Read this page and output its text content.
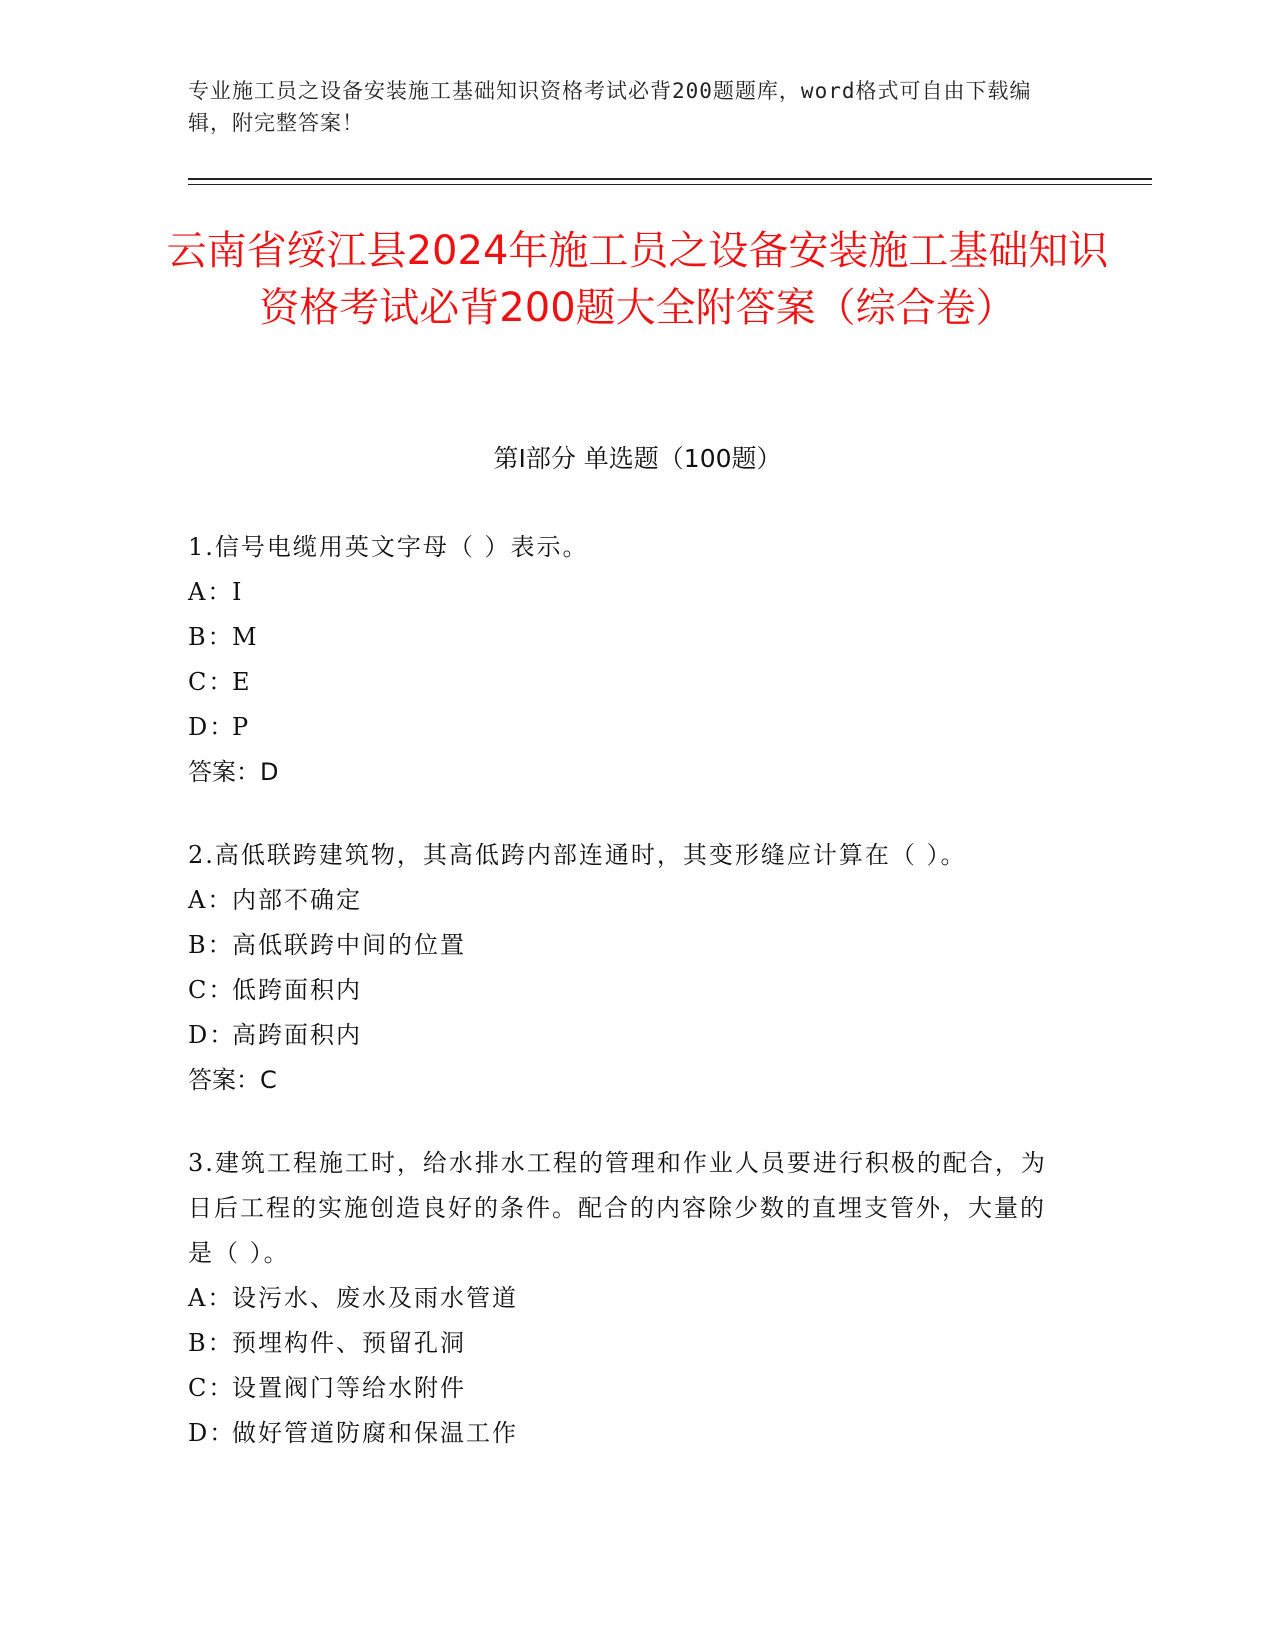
专业施工员之设备安装施工基础知识资格考试必背200题题库，word格式可自由下载编辑，附完整答案！
云南省绥江县2024年施工员之设备安装施工基础知识资格考试必背200题大全附答案（综合卷）
第Ⅰ部分 单选题（100题）
1.信号电缆用英文字母（ ）表示。
A：I
B：M
C：E
D：P
答案：D
2.高低联跨建筑物，其高低跨内部连通时，其变形缝应计算在（ ）。
A：内部不确定
B：高低联跨中间的位置
C：低跨面积内
D：高跨面积内
答案：C
3.建筑工程施工时，给水排水工程的管理和作业人员要进行积极的配合，为日后工程的实施创造良好的条件。配合的内容除少数的直埋支管外，大量的是（ ）。
A：设污水、废水及雨水管道
B：预埋构件、预留孔洞
C：设置阀门等给水附件
D：做好管道防腐和保温工作
